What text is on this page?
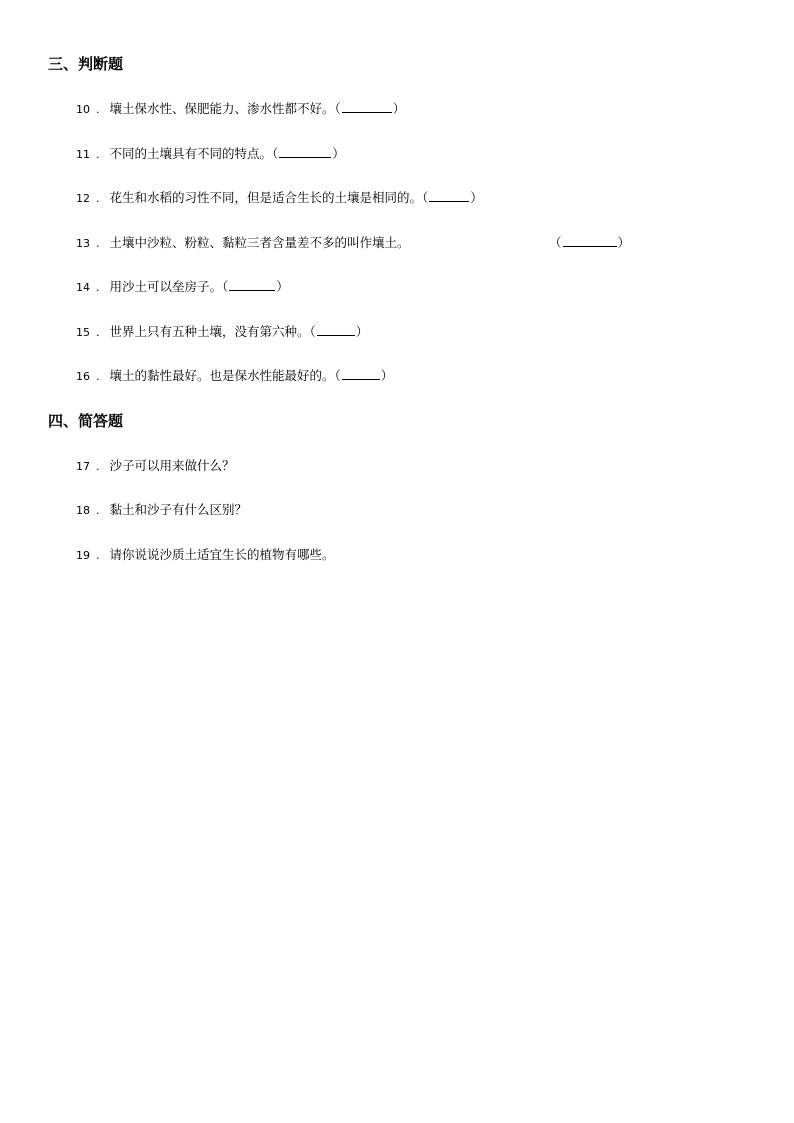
三、判断题
10 . 壤土保水性、保肥能力、渗水性都不好。（	）
11 . 不同的土壤具有不同的特点。（	）
12 . 花生和水稻的习性不同，但是适合生长的土壤是相同的。（	）
13 . 土壤中沙粒、粉粒、黏粒三者含量差不多的叫作壤土。	（	）
14 . 用沙土可以垒房子。（	）
15 . 世界上只有五种土壤，没有第六种。（	）
16 . 壤土的黏性最好。也是保水性能最好的。（	）
四、简答题
17 . 沙子可以用来做什么？
18 . 黏土和沙子有什么区别？
19 . 请你说说沙质土适宜生长的植物有哪些。
